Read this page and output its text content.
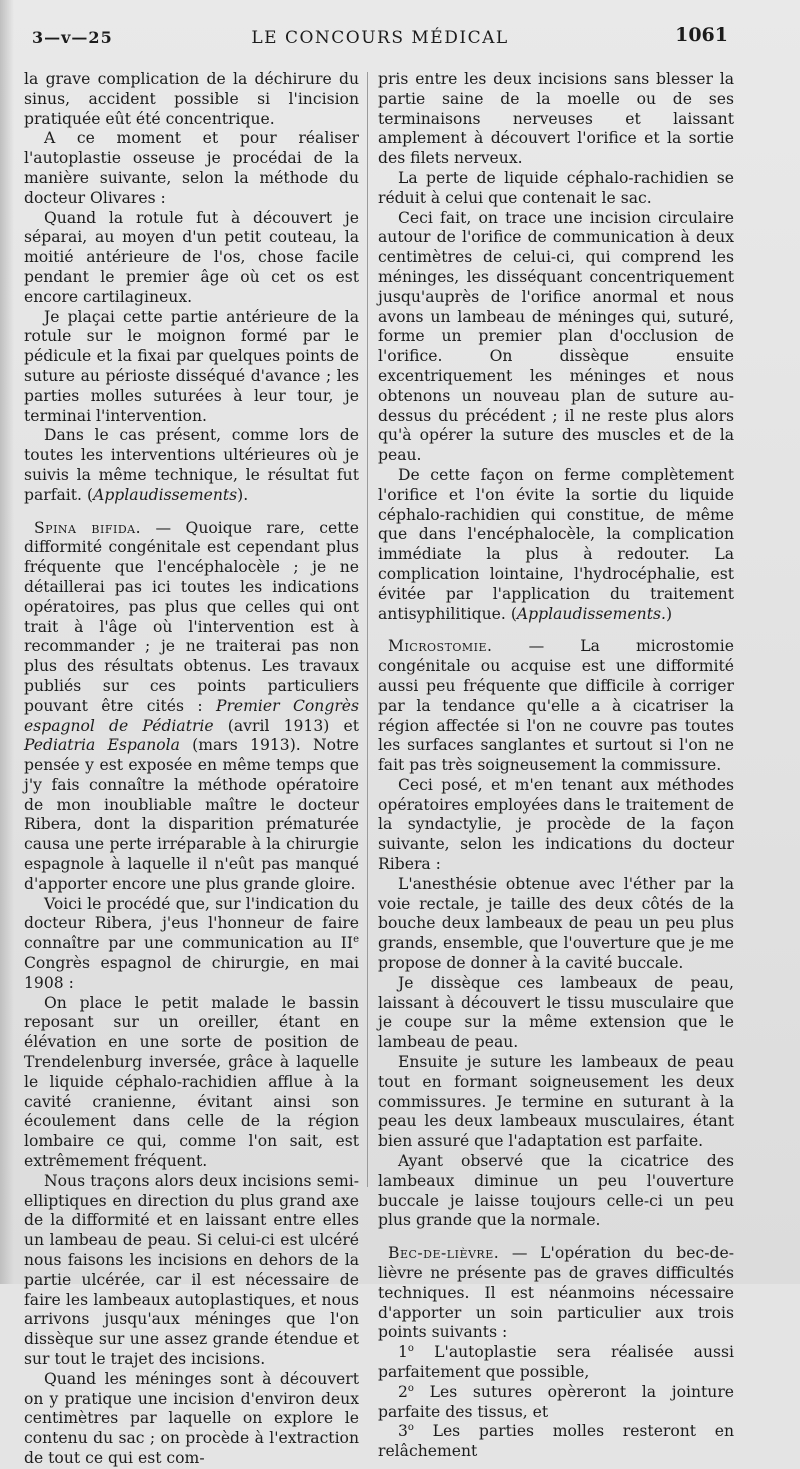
3—v—25	LE CONCOURS MÉDICAL	1061

la grave complication de la déchirure du sinus, accident possible si l'incision pratiquée eût été concentrique.

A ce moment et pour réaliser l'autoplastie osseuse je procédai de la manière suivante, selon la méthode du docteur Olivares :

Quand la rotule fut à découvert je séparai, au moyen d'un petit couteau, la moitié antérieure de l'os, chose facile pendant le premier âge où cet os est encore cartilagineux.

Je plaçai cette partie antérieure de la rotule sur le moignon formé par le pédicule et la fixai par quelques points de suture au périoste disséqué d'avance ; les parties molles suturées à leur tour, je terminai l'intervention.

Dans le cas présent, comme lors de toutes les interventions ultérieures où je suivis la même technique, le résultat fut parfait. (Applaudissements).

Spina bifida. — Quoique rare, cette difformité congénitale est cependant plus fréquente que l'encéphalocèle ; je ne détaillerai pas ici toutes les indications opératoires, pas plus que celles qui ont trait à l'âge où l'intervention est à recommander ; je ne traiterai pas non plus des résultats obtenus. Les travaux publiés sur ces points particuliers pouvant être cités : Premier Congrès espagnol de Pédiatrie (avril 1913) et Pediatria Espanola (mars 1913). Notre pensée y est exposée en même temps que j'y fais connaître la méthode opératoire de mon inoubliable maître le docteur Ribera, dont la disparition prématurée causa une perte irréparable à la chirurgie espagnole à laquelle il n'eût pas manqué d'apporter encore une plus grande gloire.

Voici le procédé que, sur l'indication du docteur Ribera, j'eus l'honneur de faire connaître par une communication au IIe Congrès espagnol de chirurgie, en mai 1908 :

On place le petit malade le bassin reposant sur un oreiller, étant en élévation en une sorte de position de Trendelenburg inversée, grâce à laquelle le liquide céphalo-rachidien afflue à la cavité cranienne, évitant ainsi son écoulement dans celle de la région lombaire ce qui, comme l'on sait, est extrêmement fréquent.

Nous traçons alors deux incisions semi-elliptiques en direction du plus grand axe de la difformité et en laissant entre elles un lambeau de peau. Si celui-ci est ulcéré nous faisons les incisions en dehors de la partie ulcérée, car il est nécessaire de faire les lambeaux autoplastiques, et nous arrivons jusqu'aux méninges que l'on dissèque sur une assez grande étendue et sur tout le trajet des incisions.

Quand les méninges sont à découvert on y pratique une incision d'environ deux centimètres par laquelle on explore le contenu du sac ; on procède à l'extraction de tout ce qui est com-

pris entre les deux incisions sans blesser la partie saine de la moelle ou de ses terminaisons nerveuses et laissant amplement à découvert l'orifice et la sortie des filets nerveux.

La perte de liquide céphalo-rachidien se réduit à celui que contenait le sac.

Ceci fait, on trace une incision circulaire autour de l'orifice de communication à deux centimètres de celui-ci, qui comprend les méninges, les disséquant concentriquement jusqu'auprès de l'orifice anormal et nous avons un lambeau de méninges qui, suturé, forme un premier plan d'occlusion de l'orifice. On dissèque ensuite excentriquement les méninges et nous obtenons un nouveau plan de suture au-dessus du précédent ; il ne reste plus alors qu'à opérer la suture des muscles et de la peau.

De cette façon on ferme complètement l'orifice et l'on évite la sortie du liquide céphalo-rachidien qui constitue, de même que dans l'encéphalocèle, la complication immédiate la plus à redouter. La complication lointaine, l'hydrocéphalie, est évitée par l'application du traitement antisyphilitique. (Applaudissements.)

Microstomie. — La microstomie congénitale ou acquise est une difformité aussi peu fréquente que difficile à corriger par la tendance qu'elle a à cicatriser la région affectée si l'on ne couvre pas toutes les surfaces sanglantes et surtout si l'on ne fait pas très soigneusement la commissure.

Ceci posé, et m'en tenant aux méthodes opératoires employées dans le traitement de la syndactylie, je procède de la façon suivante, selon les indications du docteur Ribera :

L'anesthésie obtenue avec l'éther par la voie rectale, je taille des deux côtés de la bouche deux lambeaux de peau un peu plus grands, ensemble, que l'ouverture que je me propose de donner à la cavité buccale.

Je dissèque ces lambeaux de peau, laissant à découvert le tissu musculaire que je coupe sur la même extension que le lambeau de peau.

Ensuite je suture les lambeaux de peau tout en formant soigneusement les deux commissures. Je termine en suturant à la peau les deux lambeaux musculaires, étant bien assuré que l'adaptation est parfaite.

Ayant observé que la cicatrice des lambeaux diminue un peu l'ouverture buccale je laisse toujours celle-ci un peu plus grande que la normale.

Bec-de-lièvre. — L'opération du bec-de-lièvre ne présente pas de graves difficultés techniques. Il est néanmoins nécessaire d'apporter un soin particulier aux trois points suivants :

1$^o$ L'autoplastie sera réalisée aussi parfaitement que possible,

2$^o$ Les sutures opèreront la jointure parfaite des tissus, et

3$^o$ Les parties molles resteront en relâchement
